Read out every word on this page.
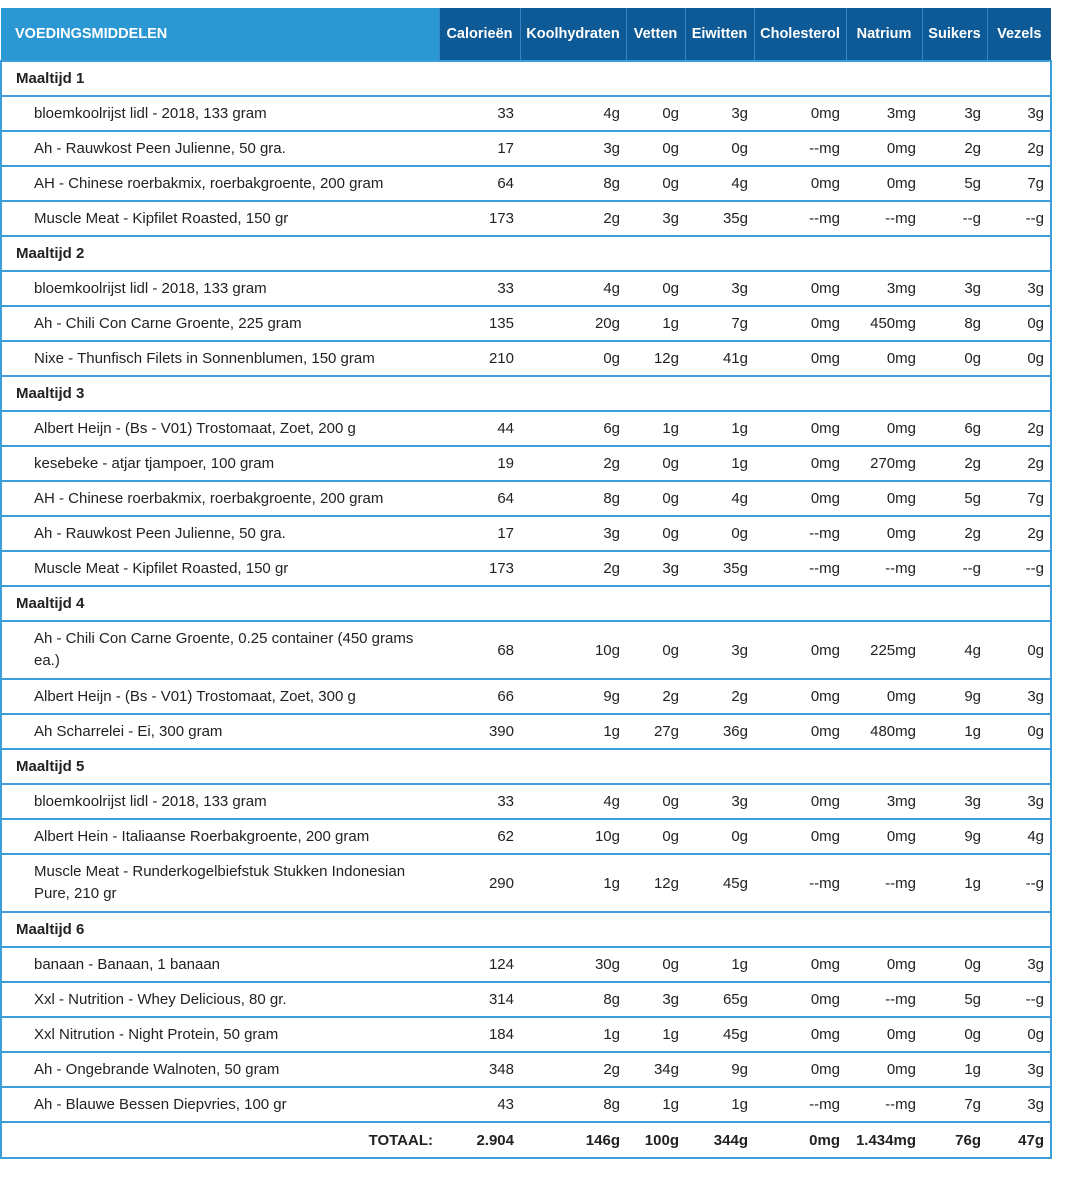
VOEDINGSMIDDELEN	Calorieën	Koolhydraten	Vetten	Eiwitten	Cholesterol	Natrium	Suikers	Vezels
Maaltijd 1								
bloemkoolrijst lidl - 2018, 133 gram	33	4g	0g	3g	0mg	3mg	3g	3g
Ah - Rauwkost Peen Julienne, 50 gra.	17	3g	0g	0g	--mg	0mg	2g	2g
AH - Chinese roerbakmix, roerbakgroente, 200 gram	64	8g	0g	4g	0mg	0mg	5g	7g
Muscle Meat - Kipfilet Roasted, 150 gr	173	2g	3g	35g	--mg	--mg	--g	--g
Maaltijd 2								
bloemkoolrijst lidl - 2018, 133 gram	33	4g	0g	3g	0mg	3mg	3g	3g
Ah - Chili Con Carne Groente, 225 gram	135	20g	1g	7g	0mg	450mg	8g	0g
Nixe - Thunfisch Filets in Sonnenblumen, 150 gram	210	0g	12g	41g	0mg	0mg	0g	0g
Maaltijd 3								
Albert Heijn - (Bs - V01) Trostomaat, Zoet, 200 g	44	6g	1g	1g	0mg	0mg	6g	2g
kesebeke - atjar tjampoer, 100 gram	19	2g	0g	1g	0mg	270mg	2g	2g
AH - Chinese roerbakmix, roerbakgroente, 200 gram	64	8g	0g	4g	0mg	0mg	5g	7g
Ah - Rauwkost Peen Julienne, 50 gra.	17	3g	0g	0g	--mg	0mg	2g	2g
Muscle Meat - Kipfilet Roasted, 150 gr	173	2g	3g	35g	--mg	--mg	--g	--g
Maaltijd 4								
Ah - Chili Con Carne Groente, 0.25 container (450 grams ea.)	68	10g	0g	3g	0mg	225mg	4g	0g
Albert Heijn - (Bs - V01) Trostomaat, Zoet, 300 g	66	9g	2g	2g	0mg	0mg	9g	3g
Ah Scharrelei - Ei, 300 gram	390	1g	27g	36g	0mg	480mg	1g	0g
Maaltijd 5								
bloemkoolrijst lidl - 2018, 133 gram	33	4g	0g	3g	0mg	3mg	3g	3g
Albert Hein - Italiaanse Roerbakgroente, 200 gram	62	10g	0g	0g	0mg	0mg	9g	4g
Muscle Meat - Runderkogelbiefstuk Stukken Indonesian Pure, 210 gr	290	1g	12g	45g	--mg	--mg	1g	--g
Maaltijd 6								
banaan - Banaan, 1 banaan	124	30g	0g	1g	0mg	0mg	0g	3g
Xxl - Nutrition - Whey Delicious, 80 gr.	314	8g	3g	65g	0mg	--mg	5g	--g
Xxl Nitrution - Night Protein, 50 gram	184	1g	1g	45g	0mg	0mg	0g	0g
Ah - Ongebrande Walnoten, 50 gram	348	2g	34g	9g	0mg	0mg	1g	3g
Ah - Blauwe Bessen Diepvries, 100 gr	43	8g	1g	1g	--mg	--mg	7g	3g
TOTAAL:	2.904	146g	100g	344g	0mg	1.434mg	76g	47g
